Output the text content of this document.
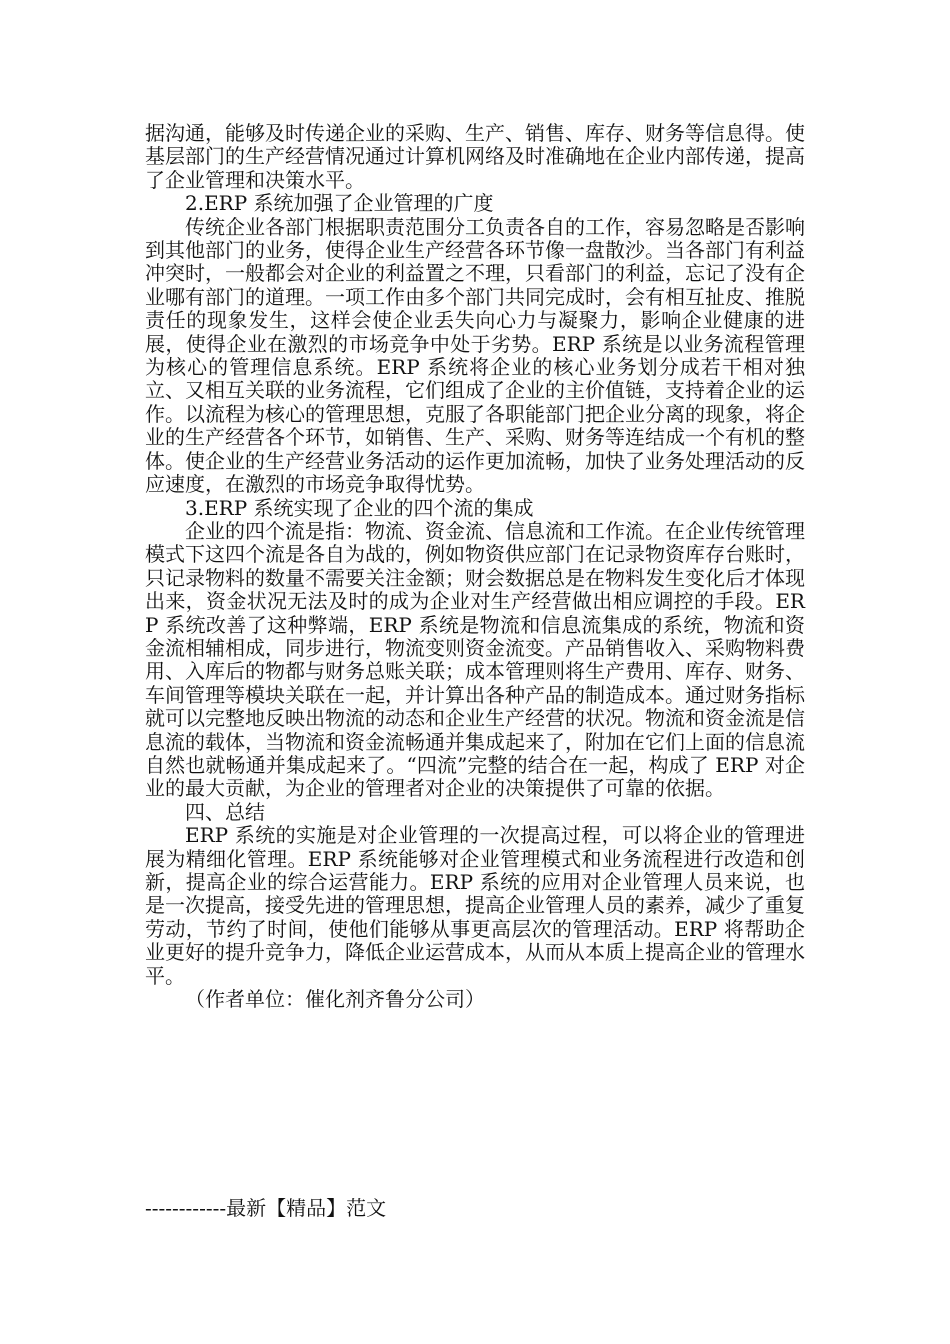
据沟通，能够及时传递企业的采购、生产、销售、库存、财务等信息得。使基层部门的生产经营情况通过计算机网络及时准确地在企业内部传递，提高了企业管理和决策水平。

2.ERP 系统加强了企业管理的广度

传统企业各部门根据职责范围分工负责各自的工作，容易忽略是否影响到其他部门的业务，使得企业生产经营各环节像一盘散沙。当各部门有利益冲突时，一般都会对企业的利益置之不理，只看部门的利益，忘记了没有企业哪有部门的道理。一项工作由多个部门共同完成时，会有相互扯皮、推脱责任的现象发生，这样会使企业丢失向心力与凝聚力，影响企业健康的进展，使得企业在激烈的市场竞争中处于劣势。ERP 系统是以业务流程管理为核心的管理信息系统。ERP 系统将企业的核心业务划分成若干相对独立、又相互关联的业务流程，它们组成了企业的主价值链，支持着企业的运作。以流程为核心的管理思想，克服了各职能部门把企业分离的现象，将企业的生产经营各个环节，如销售、生产、采购、财务等连结成一个有机的整体。使企业的生产经营业务活动的运作更加流畅，加快了业务处理活动的反应速度，在激烈的市场竞争取得忧势。

3.ERP 系统实现了企业的四个流的集成

企业的四个流是指：物流、资金流、信息流和工作流。在企业传统管理模式下这四个流是各自为战的，例如物资供应部门在记录物资库存台账时，只记录物料的数量不需要关注金额；财会数据总是在物料发生变化后才体现出来，资金状况无法及时的成为企业对生产经营做出相应调控的手段。ERP 系统改善了这种弊端，ERP 系统是物流和信息流集成的系统，物流和资金流相辅相成，同步进行，物流变则资金流变。产品销售收入、采购物料费用、入库后的物都与财务总账关联；成本管理则将生产费用、库存、财务、车间管理等模块关联在一起，并计算出各种产品的制造成本。通过财务指标就可以完整地反映出物流的动态和企业生产经营的状况。物流和资金流是信息流的载体，当物流和资金流畅通并集成起来了，附加在它们上面的信息流自然也就畅通并集成起来了。“四流”完整的结合在一起，构成了 ERP 对企业的最大贡献，为企业的管理者对企业的决策提供了可靠的依据。

四、总结

ERP 系统的实施是对企业管理的一次提高过程，可以将企业的管理进展为精细化管理。ERP 系统能够对企业管理模式和业务流程进行改造和创新，提高企业的综合运营能力。ERP 系统的应用对企业管理人员来说，也是一次提高，接受先进的管理思想，提高企业管理人员的素养，减少了重复劳动，节约了时间，使他们能够从事更高层次的管理活动。ERP 将帮助企业更好的提升竞争力，降低企业运营成本，从而从本质上提高企业的管理水平。

（作者单位：催化剂齐鲁分公司）

------------最新【精品】范文
